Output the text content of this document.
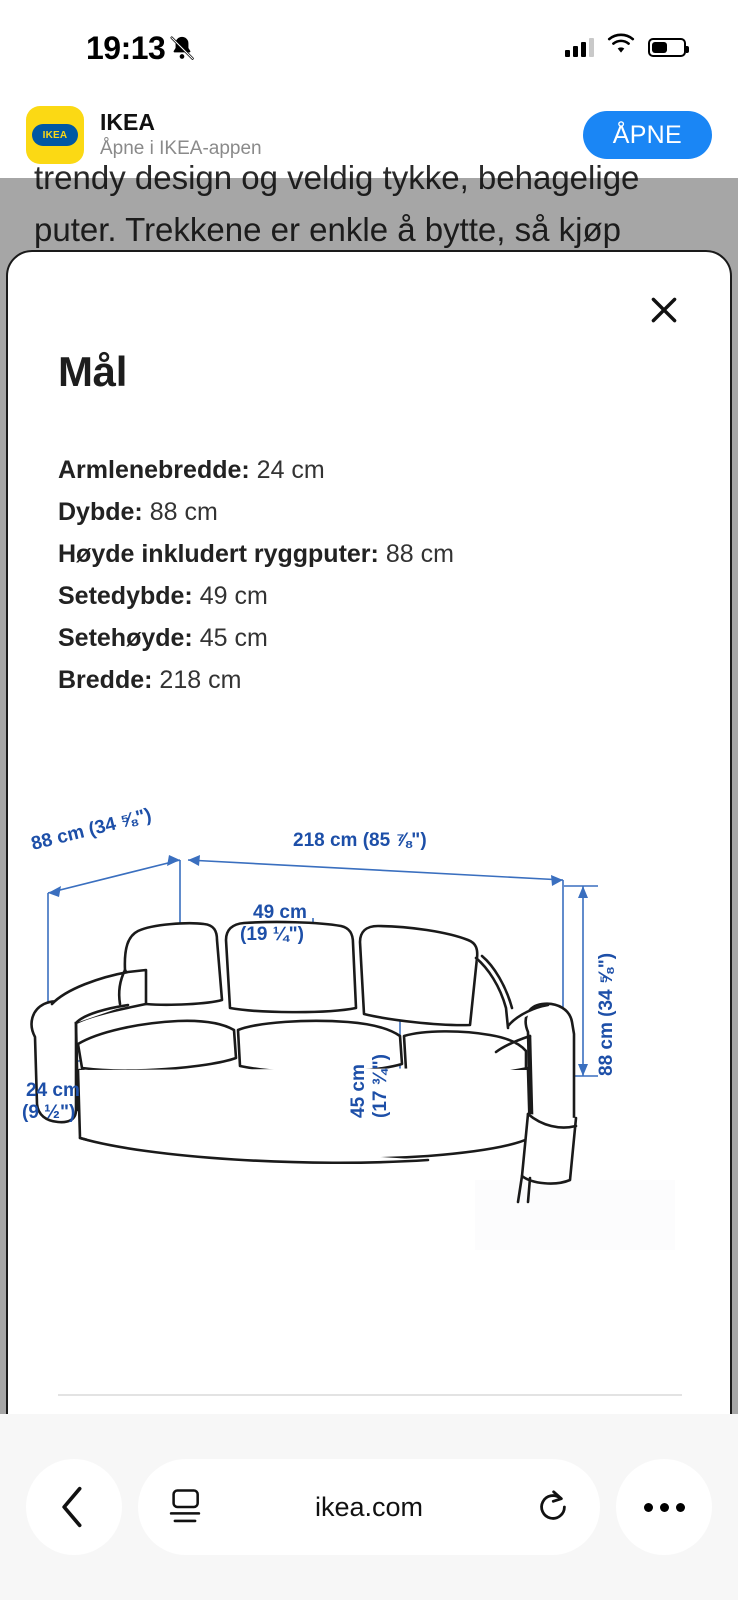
19:13
IKEA IKEA
Åpne i IKEA-appen	ÅPNE
trendy design og veldig tykke, behagelige
puter. Trekkene er enkle å bytte, så kjøp
Mål
Armlenebredde: 24 cm
Dybde: 88 cm
Høyde inkludert ryggputer: 88 cm
Setedybde: 49 cm
Setehøyde: 45 cm
Bredde: 218 cm
88 cm (34 ⅝")	218 cm (85 ⅞")
49 cm
(19 ¼")
88 cm (34 ⅝")
45 cm (17 ¾")
24 cm
(9 ½")
ikea.com
